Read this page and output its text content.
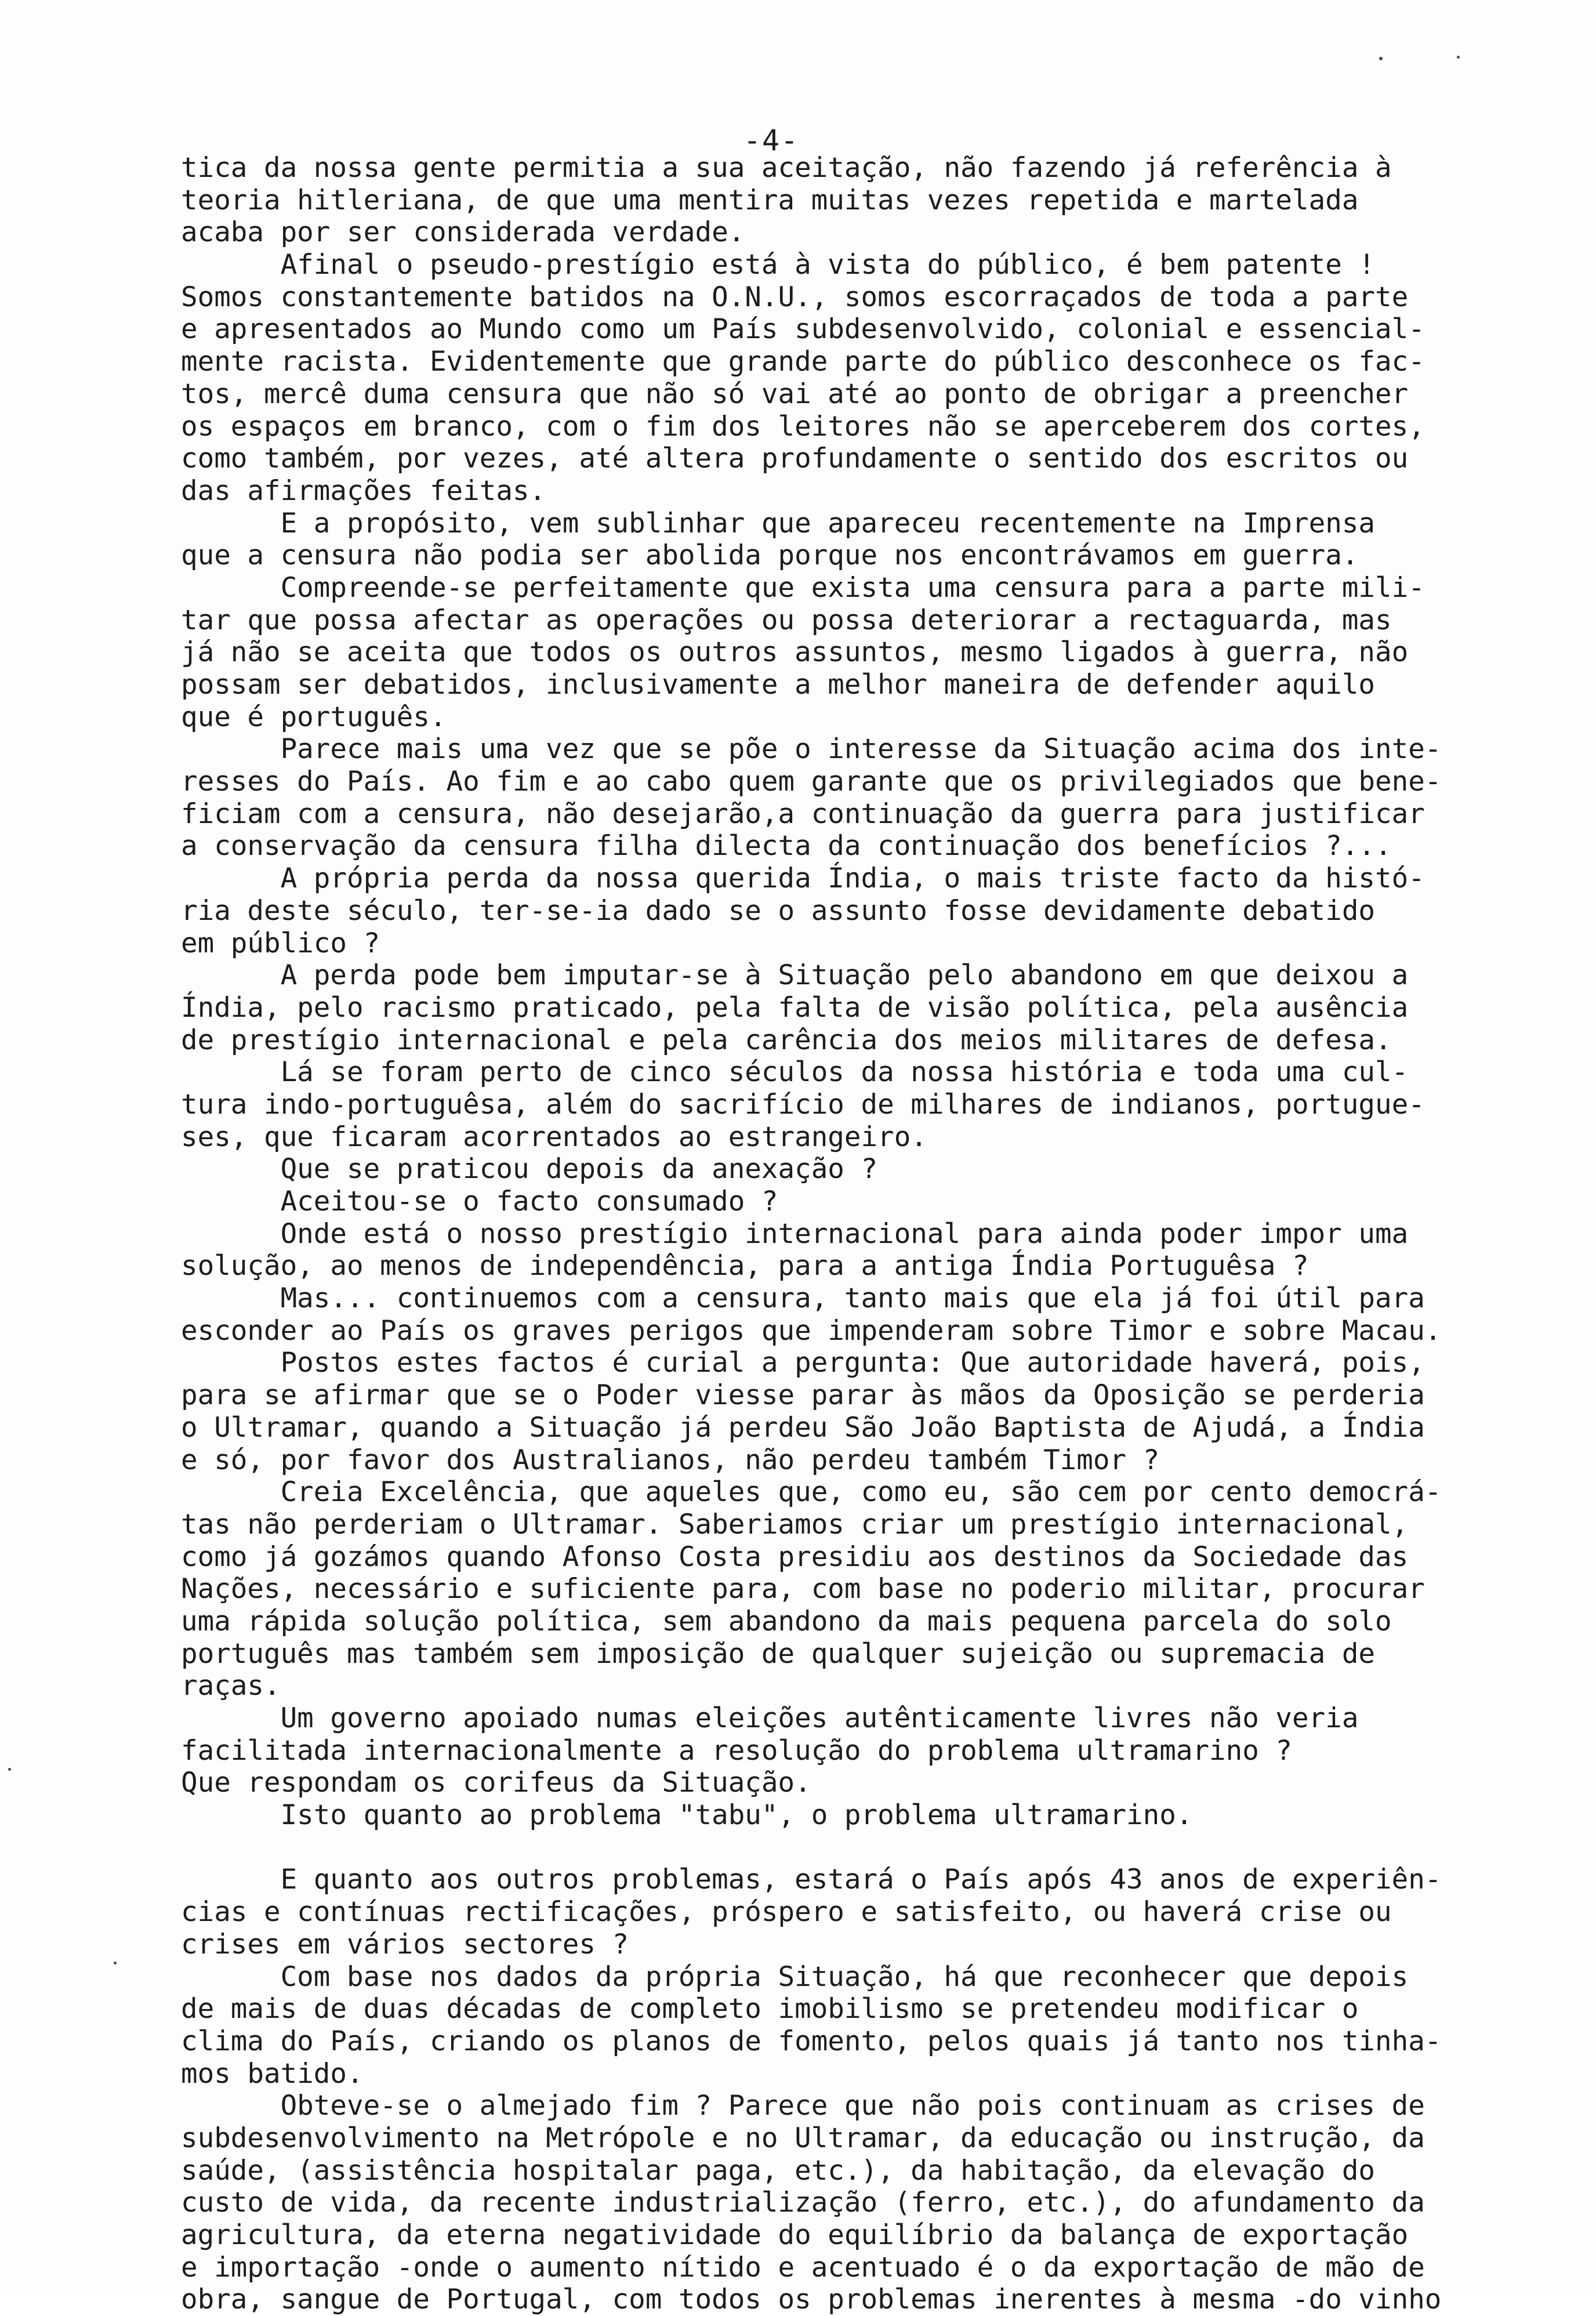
-4-
tica da nossa gente permitia a sua aceitação, não fazendo já referência à
teoria hitleriana, de que uma mentira muitas vezes repetida e martelada
acaba por ser considerada verdade.
Afinal o pseudo-prestígio está à vista do público, é bem patente !
Somos constantemente batidos na O.N.U., somos escorraçados de toda a parte
e apresentados ao Mundo como um País subdesenvolvido, colonial e essencial-
mente racista. Evidentemente que grande parte do público desconhece os fac-
tos, mercê duma censura que não só vai até ao ponto de obrigar a preencher
os espaços em branco, com o fim dos leitores não se aperceberem dos cortes,
como também, por vezes, até altera profundamente o sentido dos escritos ou
das afirmações feitas.
E a propósito, vem sublinhar que apareceu recentemente na Imprensa
que a censura não podia ser abolida porque nos encontrávamos em guerra.
Compreende-se perfeitamente que exista uma censura para a parte mili-
tar que possa afectar as operações ou possa deteriorar a rectaguarda, mas
já não se aceita que todos os outros assuntos, mesmo ligados à guerra, não
possam ser debatidos, inclusivamente a melhor maneira de defender aquilo
que é português.
Parece mais uma vez que se põe o interesse da Situação acima dos inte-
resses do País. Ao fim e ao cabo quem garante que os privilegiados que bene-
ficiam com a censura, não desejarão,a continuação da guerra para justificar
a conservação da censura filha dilecta da continuação dos benefícios ?...
A própria perda da nossa querida Índia, o mais triste facto da histó-
ria deste século, ter-se-ia dado se o assunto fosse devidamente debatido
em público ?
A perda pode bem imputar-se à Situação pelo abandono em que deixou a
Índia, pelo racismo praticado, pela falta de visão política, pela ausência
de prestígio internacional e pela carência dos meios militares de defesa.
Lá se foram perto de cinco séculos da nossa história e toda uma cul-
tura indo-portuguêsa, além do sacrifício de milhares de indianos, portugue-
ses, que ficaram acorrentados ao estrangeiro.
Que se praticou depois da anexação ?
Aceitou-se o facto consumado ?
Onde está o nosso prestígio internacional para ainda poder impor uma
solução, ao menos de independência, para a antiga Índia Portuguêsa ?
Mas... continuemos com a censura, tanto mais que ela já foi útil para
esconder ao País os graves perigos que impenderam sobre Timor e sobre Macau.
Postos estes factos é curial a pergunta: Que autoridade haverá, pois,
para se afirmar que se o Poder viesse parar às mãos da Oposição se perderia
o Ultramar, quando a Situação já perdeu São João Baptista de Ajudá, a Índia
e só, por favor dos Australianos, não perdeu também Timor ?
Creia Excelência, que aqueles que, como eu, são cem por cento democrá-
tas não perderiam o Ultramar. Saberiamos criar um prestígio internacional,
como já gozámos quando Afonso Costa presidiu aos destinos da Sociedade das
Nações, necessário e suficiente para, com base no poderio militar, procurar
uma rápida solução política, sem abandono da mais pequena parcela do solo
português mas também sem imposição de qualquer sujeição ou supremacia de
raças.
Um governo apoiado numas eleições autênticamente livres não veria
facilitada internacionalmente a resolução do problema ultramarino ?
Que respondam os corifeus da Situação.
Isto quanto ao problema "tabu", o problema ultramarino.
E quanto aos outros problemas, estará o País após 43 anos de experiên-
cias e contínuas rectificações, próspero e satisfeito, ou haverá crise ou
crises em vários sectores ?
Com base nos dados da própria Situação, há que reconhecer que depois
de mais de duas décadas de completo imobilismo se pretendeu modificar o
clima do País, criando os planos de fomento, pelos quais já tanto nos tinha-
mos batido.
Obteve-se o almejado fim ? Parece que não pois continuam as crises de
subdesenvolvimento na Metrópole e no Ultramar, da educação ou instrução, da
saúde, (assistência hospitalar paga, etc.), da habitação, da elevação do
custo de vida, da recente industrialização (ferro, etc.), do afundamento da
agricultura, da eterna negatividade do equilíbrio da balança de exportação
e importação -onde o aumento nítido e acentuado é o da exportação de mão de
obra, sangue de Portugal, com todos os problemas inerentes à mesma -do vinho
